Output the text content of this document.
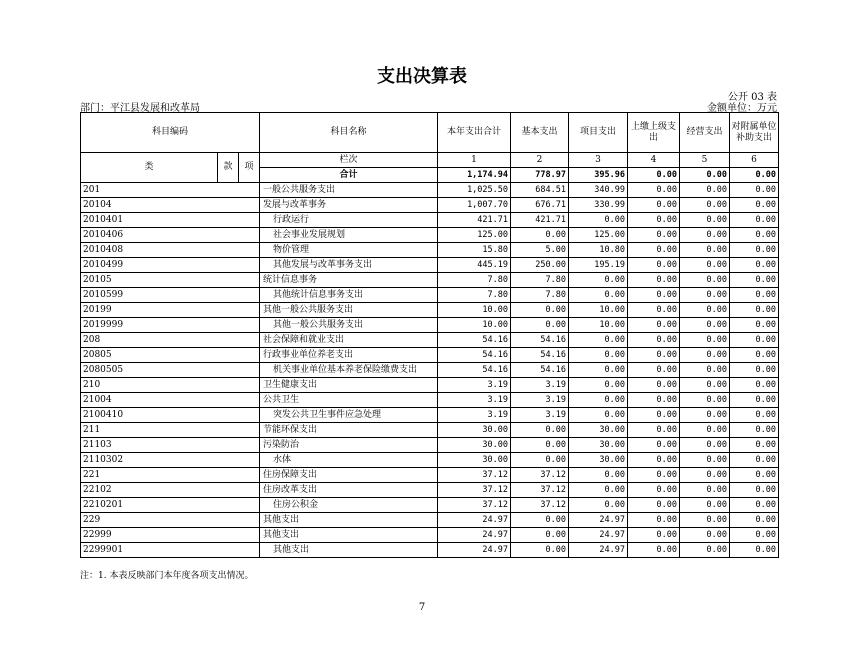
支出决算表
公开 03 表
部门：平江县发展和改革局	金额单位：万元
科目编码			科目名称	本年支出合计	基本支出	项目支出	上缴上级支出	经营支出	对附属单位补助支出
类	款	项	栏次	1	2	3	4	5	6
			合计	1,174.94	778.97	395.96	0.00	0.00	0.00
201			一般公共服务支出	1,025.50	684.51	340.99	0.00	0.00	0.00
20104			发展与改革事务	1,007.70	676.71	330.99	0.00	0.00	0.00
2010401			行政运行	421.71	421.71	0.00	0.00	0.00	0.00
2010406			社会事业发展规划	125.00	0.00	125.00	0.00	0.00	0.00
2010408			物价管理	15.80	5.00	10.80	0.00	0.00	0.00
2010499			其他发展与改革事务支出	445.19	250.00	195.19	0.00	0.00	0.00
20105			统计信息事务	7.80	7.80	0.00	0.00	0.00	0.00
2010599			其他统计信息事务支出	7.80	7.80	0.00	0.00	0.00	0.00
20199			其他一般公共服务支出	10.00	0.00	10.00	0.00	0.00	0.00
2019999			其他一般公共服务支出	10.00	0.00	10.00	0.00	0.00	0.00
208			社会保障和就业支出	54.16	54.16	0.00	0.00	0.00	0.00
20805			行政事业单位养老支出	54.16	54.16	0.00	0.00	0.00	0.00
2080505			机关事业单位基本养老保险缴费支出	54.16	54.16	0.00	0.00	0.00	0.00
210			卫生健康支出	3.19	3.19	0.00	0.00	0.00	0.00
21004			公共卫生	3.19	3.19	0.00	0.00	0.00	0.00
2100410			突发公共卫生事件应急处理	3.19	3.19	0.00	0.00	0.00	0.00
211			节能环保支出	30.00	0.00	30.00	0.00	0.00	0.00
21103			污染防治	30.00	0.00	30.00	0.00	0.00	0.00
2110302			水体	30.00	0.00	30.00	0.00	0.00	0.00
221			住房保障支出	37.12	37.12	0.00	0.00	0.00	0.00
22102			住房改革支出	37.12	37.12	0.00	0.00	0.00	0.00
2210201			住房公积金	37.12	37.12	0.00	0.00	0.00	0.00
229			其他支出	24.97	0.00	24.97	0.00	0.00	0.00
22999			其他支出	24.97	0.00	24.97	0.00	0.00	0.00
2299901			其他支出	24.97	0.00	24.97	0.00	0.00	0.00
注：1. 本表反映部门本年度各项支出情况。
7
